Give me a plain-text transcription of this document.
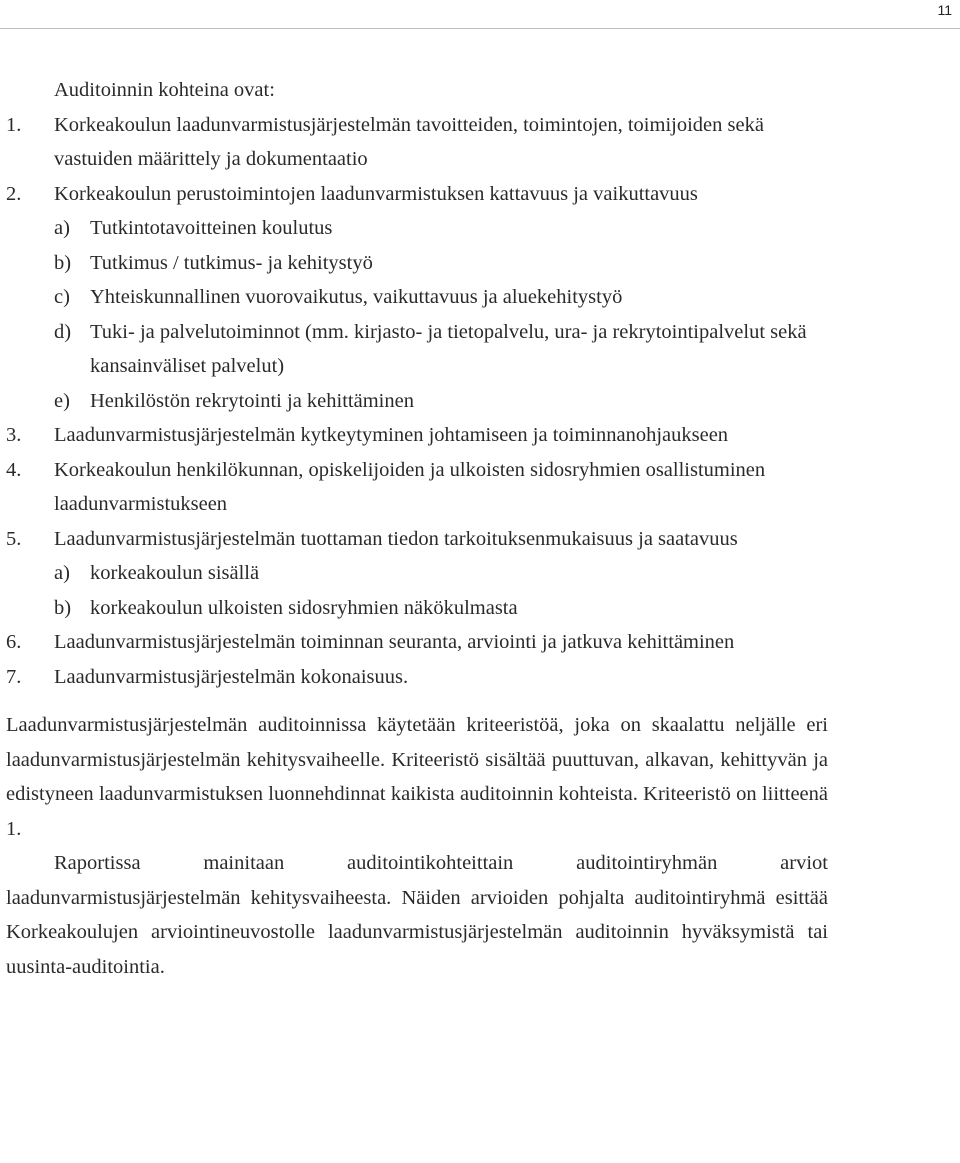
11

Auditoinnin kohteina ovat:

1. Korkeakoulun laadunvarmistusjärjestelmän tavoitteiden, toimintojen, toimijoiden sekä vastuiden määrittely ja dokumentaatio
2. Korkeakoulun perustoimintojen laadunvarmistuksen kattavuus ja vaikuttavuus
a) Tutkintotavoitteinen koulutus
b) Tutkimus / tutkimus- ja kehitystyö
c) Yhteiskunnallinen vuorovaikutus, vaikuttavuus ja aluekehitystyö
d) Tuki- ja palvelutoiminnot (mm. kirjasto- ja tietopalvelu, ura- ja rekrytointipalvelut sekä kansainväliset palvelut)
e) Henkilöstön rekrytointi ja kehittäminen
3. Laadunvarmistusjärjestelmän kytkeytyminen johtamiseen ja toiminnanohjaukseen
4. Korkeakoulun henkilökunnan, opiskelijoiden ja ulkoisten sidosryhmien osallistuminen laadunvarmistukseen
5. Laadunvarmistusjärjestelmän tuottaman tiedon tarkoituksenmukaisuus ja saatavuus
a) korkeakoulun sisällä
b) korkeakoulun ulkoisten sidosryhmien näkökulmasta
6. Laadunvarmistusjärjestelmän toiminnan seuranta, arviointi ja jatkuva kehittäminen
7. Laadunvarmistusjärjestelmän kokonaisuus.

Laadunvarmistusjärjestelmän auditoinnissa käytetään kriteeristöä, joka on skaalattu neljälle eri laadunvarmistusjärjestelmän kehitysvaiheelle. Kriteeristö sisältää puuttuvan, alkavan, kehittyvän ja edistyneen laadunvarmistuksen luonnehdinnat kaikista auditoinnin kohteista. Kriteeristö on liitteenä 1.

Raportissa mainitaan auditointikohteittain auditointiryhmän arviot laadunvarmistusjärjestelmän kehitysvaiheesta. Näiden arvioiden pohjalta auditointiryhmä esittää Korkeakoulujen arviointineuvostolle laadunvarmistusjärjestelmän auditoinnin hyväksymistä tai uusinta-auditointia.
